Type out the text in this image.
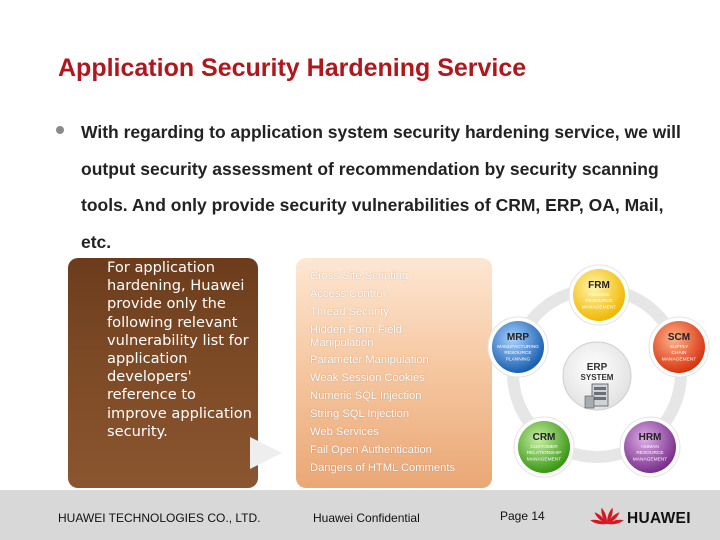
Application Security Hardening Service
With regarding to application system security hardening service, we will output security assessment of recommendation by security scanning tools. And only provide security vulnerabilities of CRM, ERP, OA, Mail, etc.
For application hardening, Huawei provide only the following relevant vulnerability list for application developers' reference to improve application security.
Cross Site Scripting
Access Control
Thread Security
Hidden Form Field Manipulation
Parameter Manipulation
Weak Session Cookies
Numeric SQL Injection
String SQL Injection
Web Services
Fail Open Authentication
Dangers of HTML Comments
FRM
FINANCE
RESOURCE
MANAGEMENT
SCM
SUPPLY
CHAIN
MANAGEMENT
HRM
HUMAN
RESOURCE
MANAGEMENT
CRM
CUSTOMER
RELATIONSHIP
MANAGEMENT
MRP
MANUFACTURING
RESOURCE
PLANNING
ERP
SYSTEM
HUAWEI TECHNOLOGIES CO., LTD.	Huawei Confidential	Page 14	HUAWEI
